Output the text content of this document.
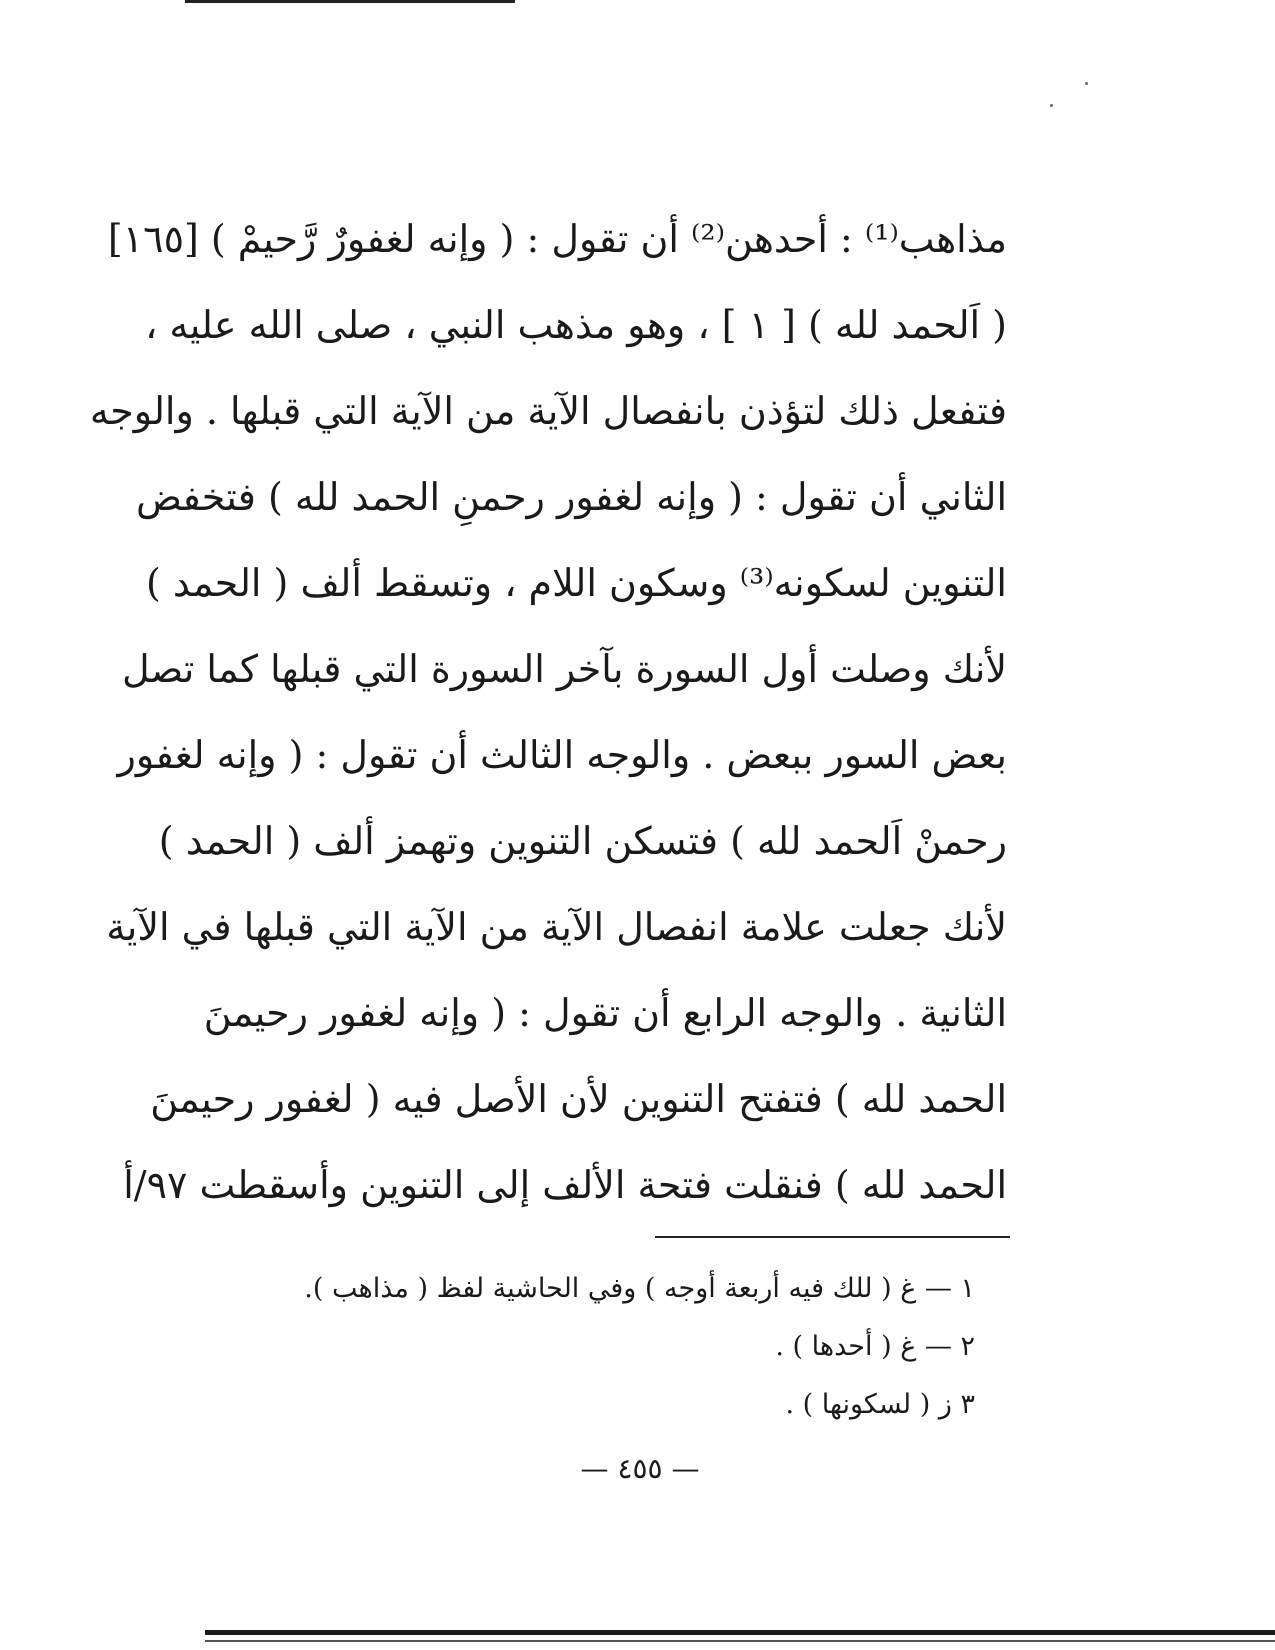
مذاهب⁽¹⁾ : أحدهن⁽²⁾ أن تقول : ( وإنه لغفورٌ رَّحيمْ ) [١٦٥]
( اَلحمد لله ) [ ١ ] ، وهو مذهب النبي ، صلى الله عليه ،
فتفعل ذلك لتؤذن بانفصال الآية من الآية التي قبلها . والوجه
الثاني أن تقول : ( وإنه لغفور رحمنِ الحمد لله ) فتخفض
التنوين لسكونه⁽³⁾ وسكون اللام ، وتسقط ألف ( الحمد )
لأنك وصلت أول السورة بآخر السورة التي قبلها كما تصل
بعض السور ببعض . والوجه الثالث أن تقول : ( وإنه لغفور
رحمنْ اَلحمد لله ) فتسكن التنوين وتهمز ألف ( الحمد )
لأنك جعلت علامة انفصال الآية من الآية التي قبلها في الآية
الثانية . والوجه الرابع أن تقول : ( وإنه لغفور رحيمنَ
الحمد لله ) فتفتح التنوين لأن الأصل فيه ( لغفور رحيمنَ
الحمد لله ) فنقلت فتحة الألف إلى التنوين وأسقطت ٩٧/أ
١ — غ ( للك فيه أربعة أوجه ) وفي الحاشية لفظ ( مذاهب ).
٢ — غ ( أحدها ) .
٣ ز ( لسكونها ) .
— ٤٥٥ —
